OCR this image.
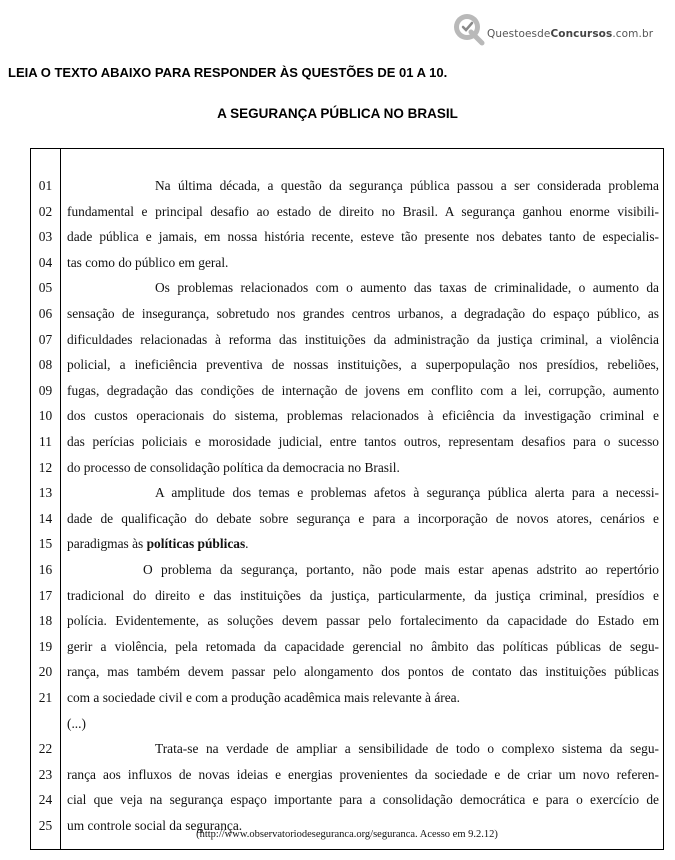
QuestoesdeConcursos.com.br
LEIA O TEXTO ABAIXO PARA RESPONDER ÀS QUESTÕES DE 01 A 10.
A SEGURANÇA PÚBLICA NO BRASIL
01	Na última década, a questão da segurança pública passou a ser considerada problema
02	fundamental e principal desafio ao estado de direito no Brasil. A segurança ganhou enorme visibili-
03	dade pública e jamais, em nossa história recente, esteve tão presente nos debates tanto de especialis-
04	tas como do público em geral.
05	Os problemas relacionados com o aumento das taxas de criminalidade, o aumento da
06	sensação de insegurança, sobretudo nos grandes centros urbanos, a degradação do espaço público, as
07	dificuldades relacionadas à reforma das instituições da administração da justiça criminal, a violência
08	policial, a ineficiência preventiva de nossas instituições, a superpopulação nos presídios, rebeliões,
09	fugas, degradação das condições de internação de jovens em conflito com a lei, corrupção, aumento
10	dos custos operacionais do sistema, problemas relacionados à eficiência da investigação criminal e
11	das perícias policiais e morosidade judicial, entre tantos outros, representam desafios para o sucesso
12	do processo de consolidação política da democracia no Brasil.
13	A amplitude dos temas e problemas afetos à segurança pública alerta para a necessi-
14	dade de qualificação do debate sobre segurança e para a incorporação de novos atores, cenários e
15	paradigmas às políticas públicas.
16	O problema da segurança, portanto, não pode mais estar apenas adstrito ao repertório
17	tradicional do direito e das instituições da justiça, particularmente, da justiça criminal, presídios e
18	polícia. Evidentemente, as soluções devem passar pelo fortalecimento da capacidade do Estado em
19	gerir a violência, pela retomada da capacidade gerencial no âmbito das políticas públicas de segu-
20	rança, mas também devem passar pelo alongamento dos pontos de contato das instituições públicas
21	com a sociedade civil e com a produção acadêmica mais relevante à área.
(...)
22	Trata-se na verdade de ampliar a sensibilidade de todo o complexo sistema da segu-
23	rança aos influxos de novas ideias e energias provenientes da sociedade e de criar um novo referen-
24	cial que veja na segurança espaço importante para a consolidação democrática e para o exercício de
25	um controle social da segurança.
(http://www.observatoriodeseguranca.org/seguranca. Acesso em 9.2.12)
